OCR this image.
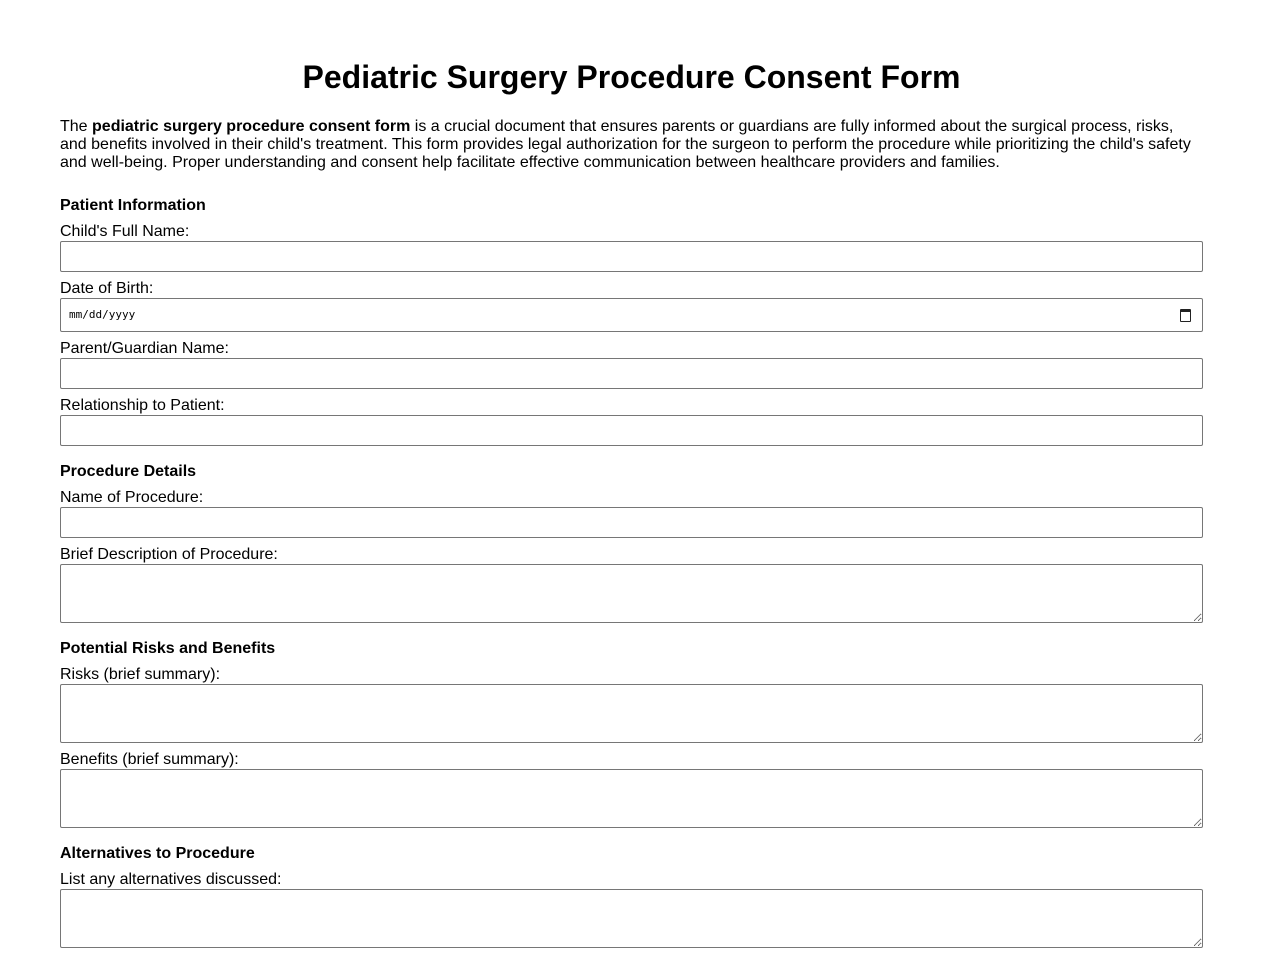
Pediatric Surgery Procedure Consent Form

The pediatric surgery procedure consent form is a crucial document that ensures parents or guardians are fully informed about the surgical process, risks, and benefits involved in their child's treatment. This form provides legal authorization for the surgeon to perform the procedure while prioritizing the child's safety and well-being. Proper understanding and consent help facilitate effective communication between healthcare providers and families.

Patient Information
Child's Full Name:
Date of Birth:
mm/dd/yyyy
Parent/Guardian Name:
Relationship to Patient:
Procedure Details
Name of Procedure:
Brief Description of Procedure:
Potential Risks and Benefits
Risks (brief summary):
Benefits (brief summary):
Alternatives to Procedure
List any alternatives discussed:
